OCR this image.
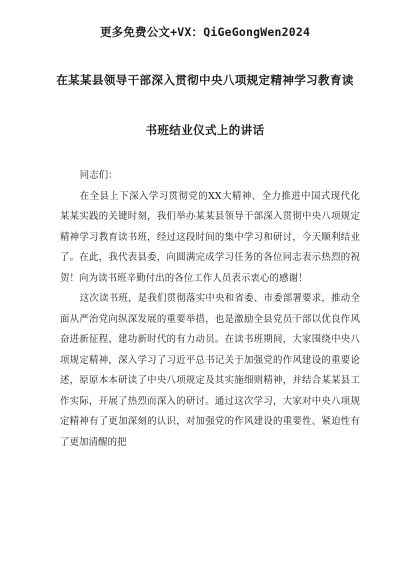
更多免费公文+VX：QiGeGongWen2024
在某某县领导干部深入贯彻中央八项规定精神学习教育读
书班结业仪式上的讲话

同志们：

在全县上下深入学习贯彻党的XX大精神、全力推进中国式现代化某某实践的关键时刻，我们举办某某县领导干部深入贯彻中央八项规定精神学习教育读书班，经过这段时间的集中学习和研讨，今天顺利结业了。在此，我代表县委，向圆满完成学习任务的各位同志表示热烈的祝贺！向为读书班辛勤付出的各位工作人员表示衷心的感谢！

这次读书班，是我们贯彻落实中央和省委、市委部署要求，推动全面从严治党向纵深发展的重要举措，也是激励全县党员干部以优良作风奋进新征程、建功新时代的有力动员。在读书班期间，大家围绕中央八项规定精神，深入学习了习近平总书记关于加强党的作风建设的重要论述，原原本本研读了中央八项规定及其实施细则精神，并结合某某县工作实际，开展了热烈而深入的研讨。通过这次学习，大家对中央八项规定精神有了更加深刻的认识，对加强党的作风建设的重要性、紧迫性有了更加清醒的把
